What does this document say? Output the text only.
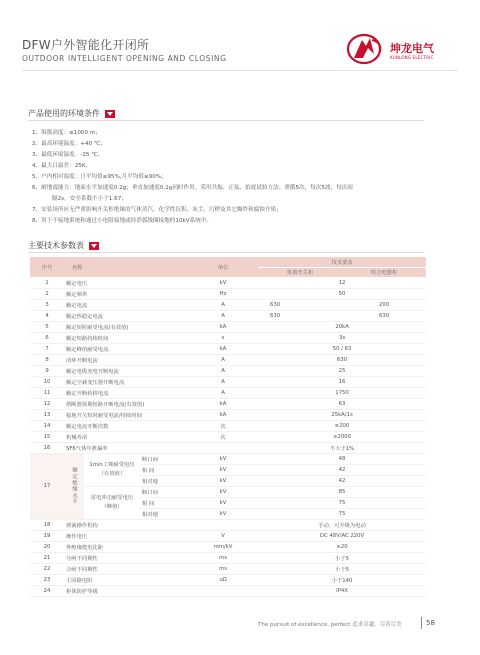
DFW户外智能化开闭所
OUTDOOR INTELLIGENT OPENING AND CLOSING
坤龙电气
KUNLONG ELECTRIC
产品使用的环境条件
1、海拔高度：≤1000 m；
2、最高环境温度：+40 ℃；
3、最低环境温度：-25 ℃；
4、最大日温差：25K；
5、户内相对湿度：日平均值≤95%,月平均值≤90%；
6、耐地震能力：地面水平加速度0.2g；垂直加速度0.1g同时作用。采用共振、正弦、拍波试验方法；重循5次，每次5波，每次间
隔2s，安全系数不小于1.67；
7、安装场所应无严重影响开关柜绝缘的气体蒸汽、化学性沉积、灰尘、污秽及其它爆炸和腐蚀介质；
8、用于不接地系统和通过小电阻接地或经消弧线圈接地的10kV系统中。
主要技术参数表
序号	名称			单位	技术要求	
					负荷开关柜	组合电器柜
1	额定电压			kV	12	
2	额定频率			Hz	50	
3	额定电流			A	630	200
4	额定热稳定电流			A	630	630
5	额定短时耐受电流(有效值)			kA	20kA	
6	额定短路持续时间			s	3s	
7	额定峰值耐受电流			kA	50 / 63	
8	闭环开断电流			A	630	
9	额定电缆充电开断电流			A	25	
10	额定空载变压器开断电流			A	16	
11	额定开断转移电流			A	1750	
12	熔断器预期短路开断电流(有效值)			kA	63	
13	接地开关短时耐受电流/持续时间			kA	25kA/1s	
14	额定电流开断次数			次	≥200	
15	机械寿命			次	≥2000	
16	SF6气体年泄漏率				不大于1%	
17	额定绝缘水平	1min工频耐受电压（有效值）	断口间	kV	48	
			相 间	kV	42	
			相对地	kV	42	
		雷电冲击耐受电压（峰值）	断口间	kV	85	
			相 间	kV	75	
			相对地	kV	75	
18	弹簧操作机构				手动、可升级为电动	
19	操作电压			V	DC 48V/AC 220V	
20	外绝缘爬电比距			mm/kV	≥20	
21	分闸不同期性			ms	小于5	
22	合闸不同期性			ms	小于5	
23	主回路电阻			uΩ	小于140	
24	柜体防护等级				IP4X	
The pursuit of excellence, perfect 追求卓越、尽善尽美	58
